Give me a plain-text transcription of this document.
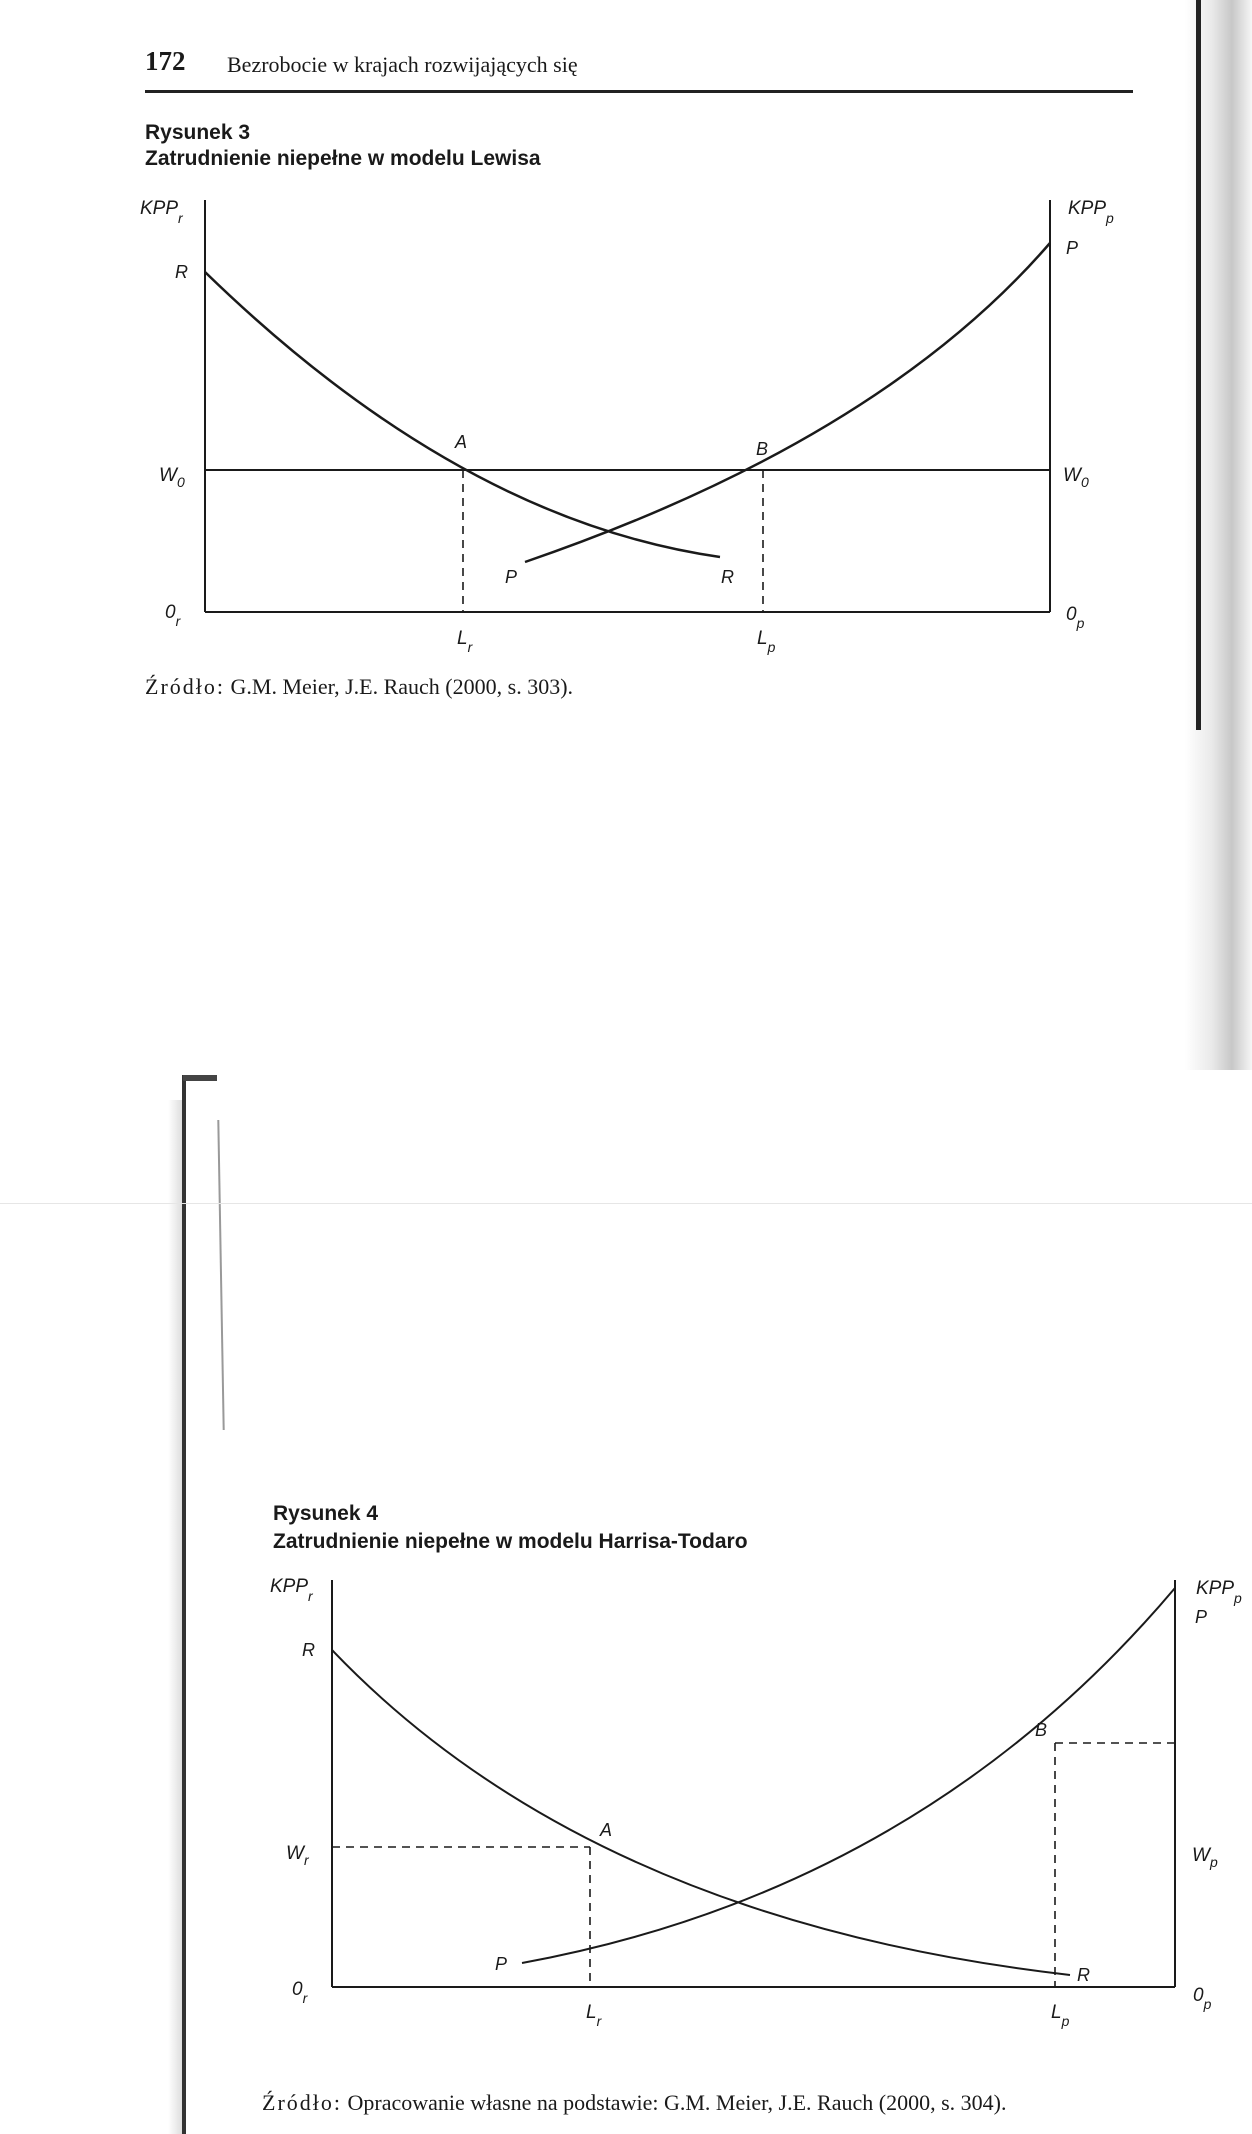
172 Bezrobocie w krajach rozwijających się
Rysunek 3
Zatrudnienie niepełne w modelu Lewisa
$KPP_r$	$KPP_p$
R
P
$W_0$	$W_0$
A	B
P	R
$0_r$	$0_p$
$L_r$	$L_p$
Źródło: G.M. Meier, J.E. Rauch (2000, s. 303).
Rysunek 4
Zatrudnienie niepełne w modelu Harrisa-Todaro
$KPP_r$	$KPP_p$
R
P
$W_r$	$W_p$
A
B
P
R
$0_r$	$0_p$
$L_r$	$L_p$
Źródło: Opracowanie własne na podstawie: G.M. Meier, J.E. Rauch (2000, s. 304).
